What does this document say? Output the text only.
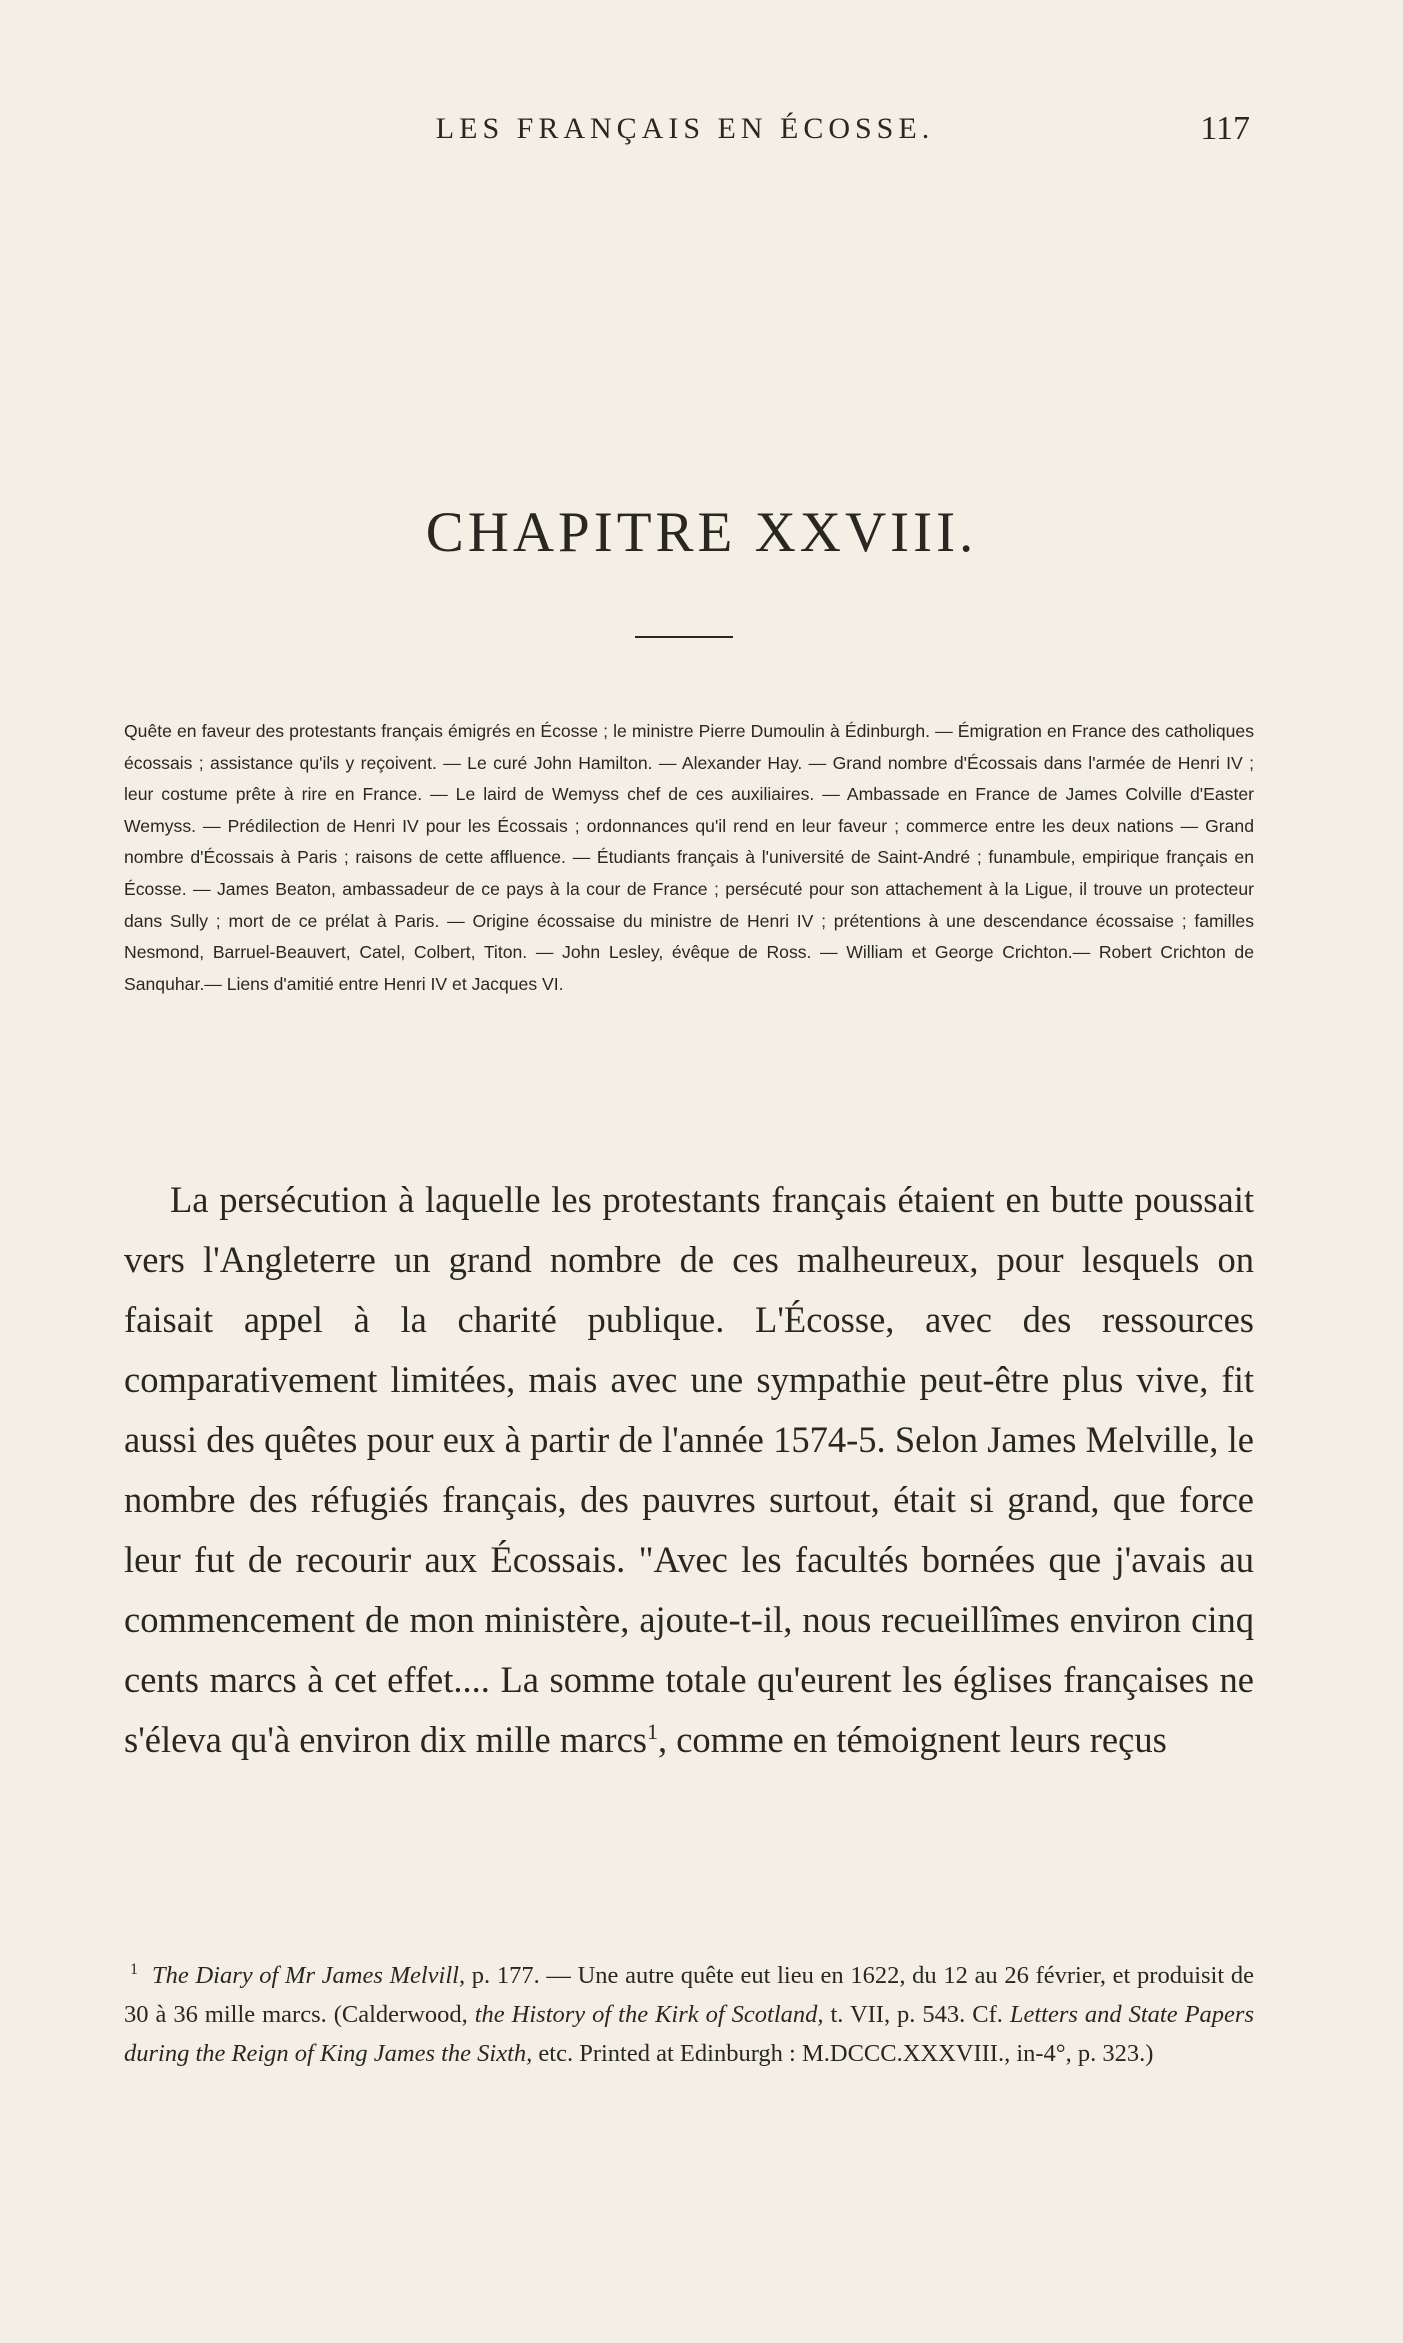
LES FRANÇAIS EN ÉCOSSE.	117
CHAPITRE XXVIII.
Quête en faveur des protestants français émigrés en Écosse ; le ministre Pierre Dumoulin à Édinburgh. — Émigration en France des catholiques écossais ; assistance qu'ils y reçoivent. — Le curé John Hamilton. — Alexander Hay. — Grand nombre d'Écossais dans l'armée de Henri IV ; leur costume prête à rire en France. — Le laird de Wemyss chef de ces auxiliaires. — Ambassade en France de James Colville d'Easter Wemyss. — Prédilection de Henri IV pour les Écossais ; ordonnances qu'il rend en leur faveur ; commerce entre les deux nations — Grand nombre d'Écossais à Paris ; raisons de cette affluence. — Étudiants français à l'université de Saint-André ; funambule, empirique français en Écosse. — James Beaton, ambassadeur de ce pays à la cour de France ; persécuté pour son attachement à la Ligue, il trouve un protecteur dans Sully ; mort de ce prélat à Paris. — Origine écossaise du ministre de Henri IV ; prétentions à une descendance écossaise ; familles Nesmond, Barruel-Beauvert, Catel, Colbert, Titon. — John Lesley, évêque de Ross. — William et George Crichton.— Robert Crichton de Sanquhar.— Liens d'amitié entre Henri IV et Jacques VI.
La persécution à laquelle les protestants français étaient en butte poussait vers l'Angleterre un grand nombre de ces malheureux, pour lesquels on faisait appel à la charité publique. L'Écosse, avec des ressources comparativement limitées, mais avec une sympathie peut-être plus vive, fit aussi des quêtes pour eux à partir de l'année 1574-5. Selon James Melville, le nombre des réfugiés français, des pauvres surtout, était si grand, que force leur fut de recourir aux Écossais. "Avec les facultés bornées que j'avais au commencement de mon ministère, ajoute-t-il, nous recueillîmes environ cinq cents marcs à cet effet.... La somme totale qu'eurent les églises françaises ne s'éleva qu'à environ dix mille marcs$^1$, comme en témoignent leurs reçus
$^1$ The Diary of Mr James Melvill, p. 177. — Une autre quête eut lieu en 1622, du 12 au 26 février, et produisit de 30 à 36 mille marcs. (Calderwood, the History of the Kirk of Scotland, t. VII, p. 543. Cf. Letters and State Papers during the Reign of King James the Sixth, etc. Printed at Edinburgh : M.DCCC.XXXVIII., in-4°, p. 323.)
